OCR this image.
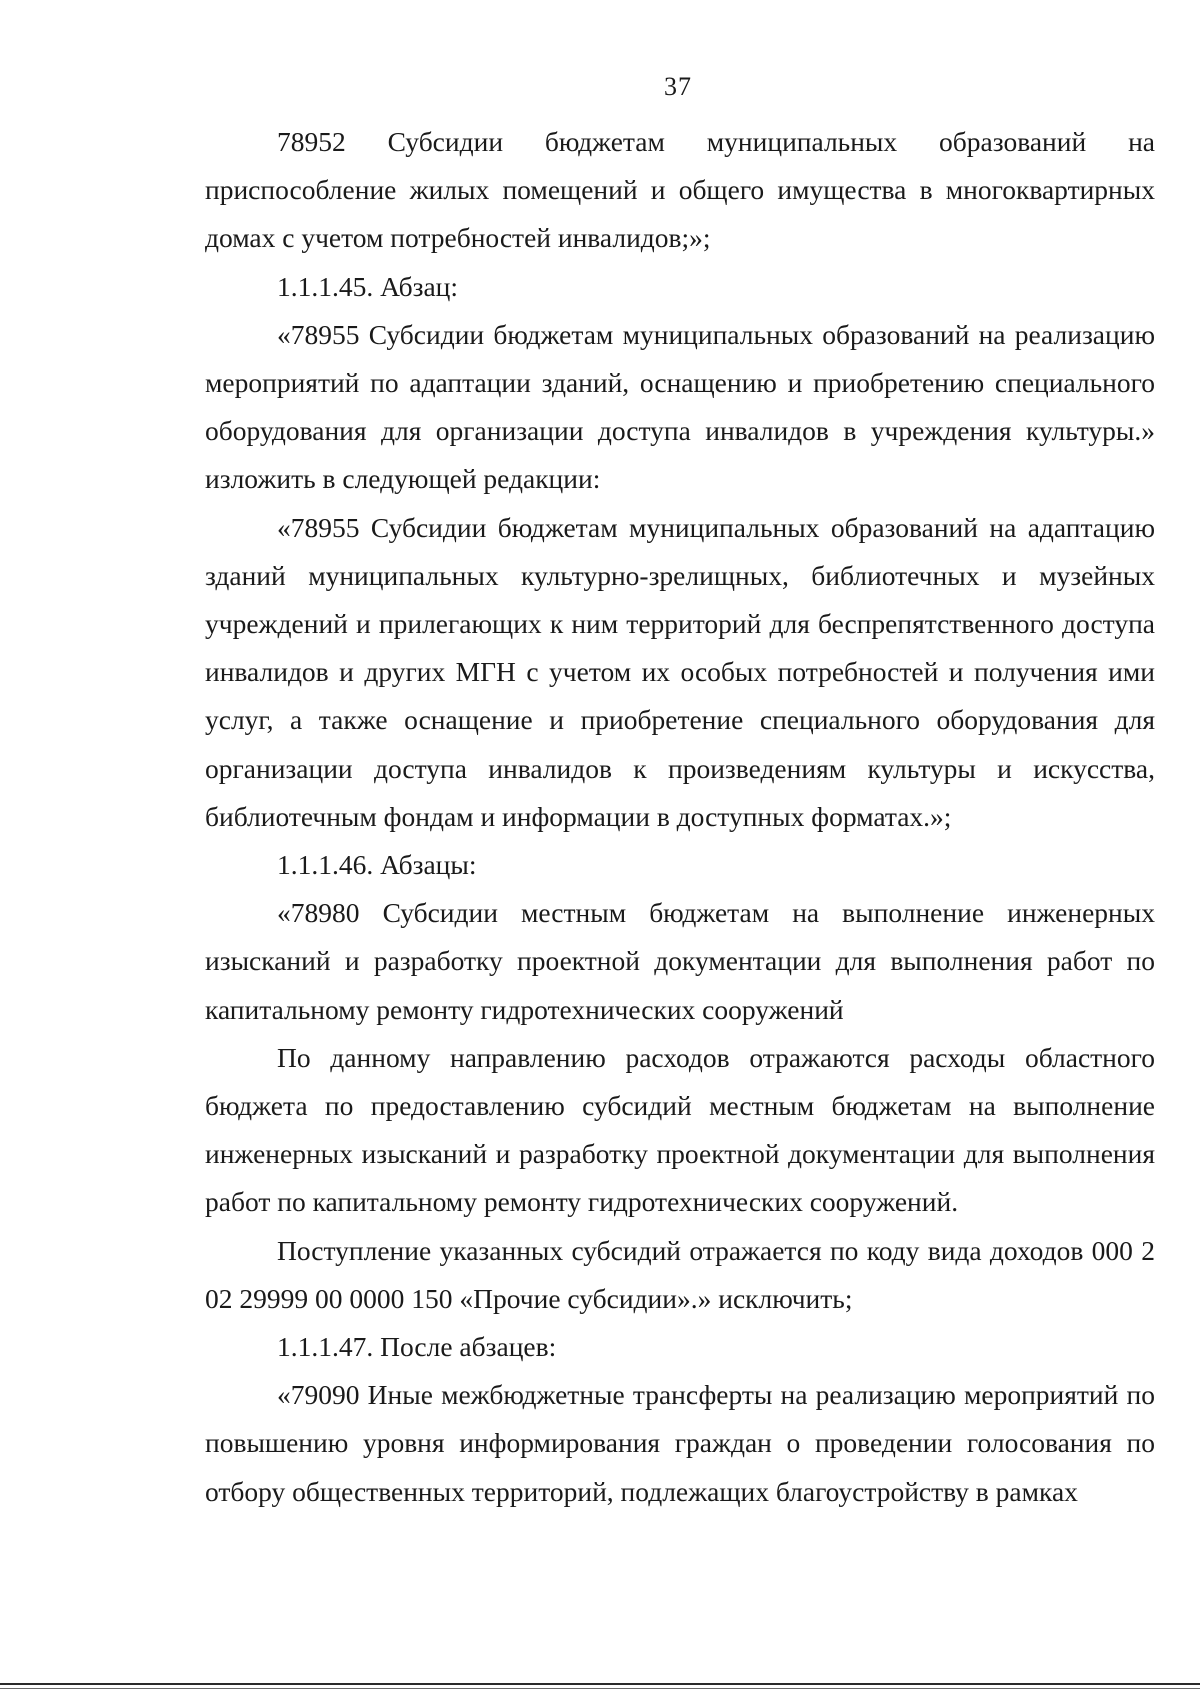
37

78952 Субсидии бюджетам муниципальных образований на приспособление жилых помещений и общего имущества в многоквартирных домах с учетом потребностей инвалидов;»;

1.1.1.45. Абзац:

«78955 Субсидии бюджетам муниципальных образований на реализацию мероприятий по адаптации зданий, оснащению и приобретению специального оборудования для организации доступа инвалидов в учреждения культуры.» изложить в следующей редакции:

«78955 Субсидии бюджетам муниципальных образований на адаптацию зданий муниципальных культурно-зрелищных, библиотечных и музейных учреждений и прилегающих к ним территорий для беспрепятственного доступа инвалидов и других МГН с учетом их особых потребностей и получения ими услуг, а также оснащение и приобретение специального оборудования для организации доступа инвалидов к произведениям культуры и искусства, библиотечным фондам и информации в доступных форматах.»;

1.1.1.46. Абзацы:

«78980 Субсидии местным бюджетам на выполнение инженерных изысканий и разработку проектной документации для выполнения работ по капитальному ремонту гидротехнических сооружений

По данному направлению расходов отражаются расходы областного бюджета по предоставлению субсидий местным бюджетам на выполнение инженерных изысканий и разработку проектной документации для выполнения работ по капитальному ремонту гидротехнических сооружений.

Поступление указанных субсидий отражается по коду вида доходов 000 2 02 29999 00 0000 150 «Прочие субсидии».» исключить;

1.1.1.47. После абзацев:

«79090 Иные межбюджетные трансферты на реализацию мероприятий по повышению уровня информирования граждан о проведении голосования по отбору общественных территорий, подлежащих благоустройству в рамках
